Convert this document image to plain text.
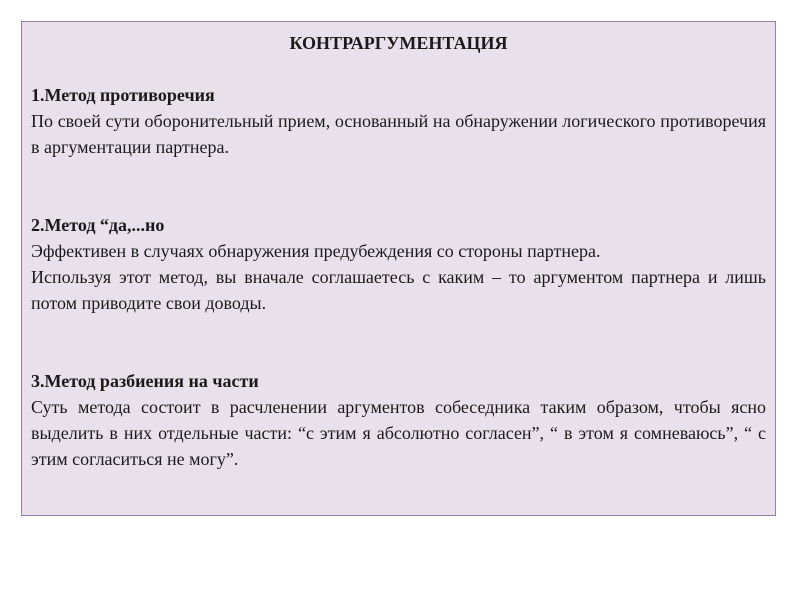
КОНТРАРГУМЕНТАЦИЯ

1.Метод противоречия

По своей сути оборонительный прием, основанный на обнаружении логического противоречия в аргументации партнера.

2.Метод “да,...но

Эффективен в случаях обнаружения предубеждения со стороны партнера.

Используя этот метод, вы вначале соглашаетесь с каким – то аргументом партнера и лишь потом приводите свои доводы.

3.Метод разбиения на части

Суть метода состоит в расчленении аргументов собеседника таким образом, чтобы ясно выделить в них отдельные части: “с этим я абсолютно согласен”, “ в этом я сомневаюсь”, “ с этим согласиться не могу”.
